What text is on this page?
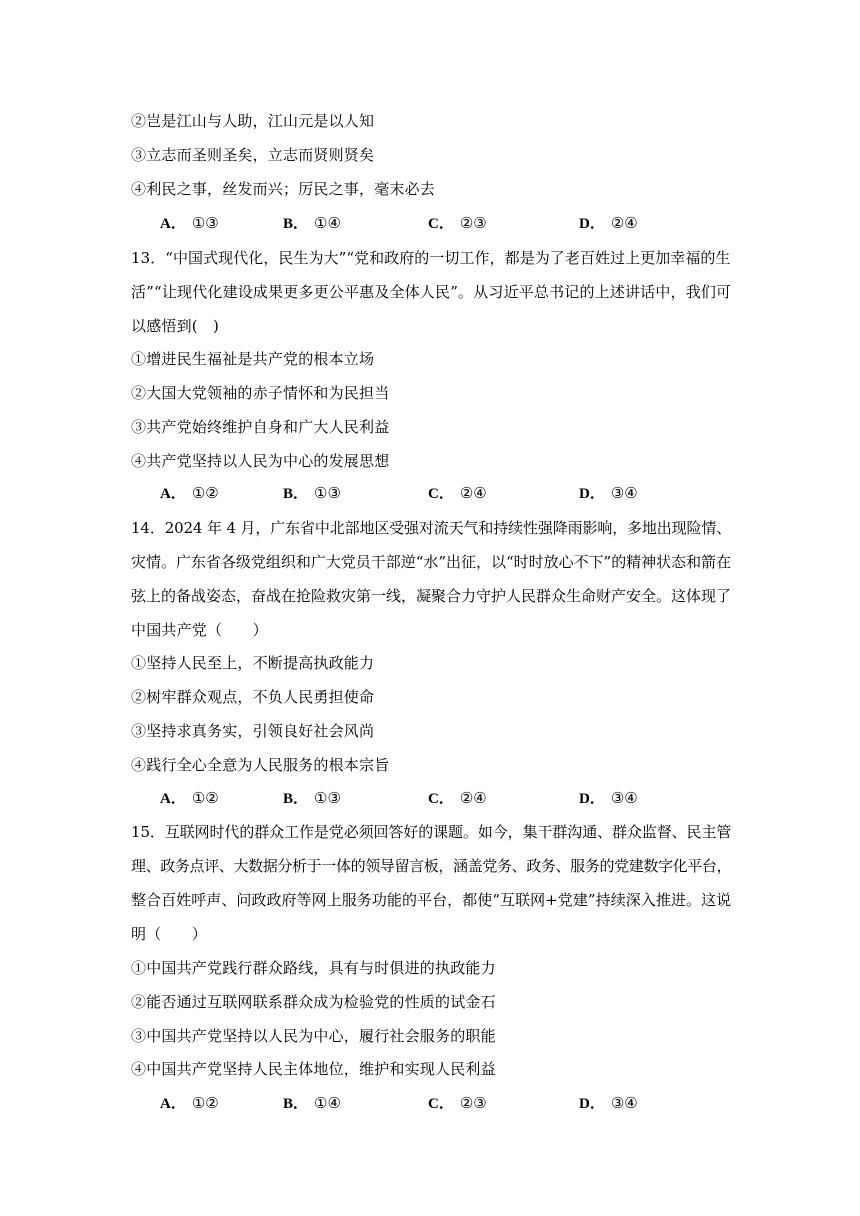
②岂是江山与人助，江山元是以人知
③立志而圣则圣矣，立志而贤则贤矣
④利民之事，丝发而兴；厉民之事，毫末必去
A． ①③	B． ①④	C． ②③	D． ②④
13．“中国式现代化，民生为大”“党和政府的一切工作，都是为了老百姓过上更加幸福的生
活”“让现代化建设成果更多更公平惠及全体人民”。从习近平总书记的上述讲话中，我们可
以感悟到(　)
①增进民生福祉是共产党的根本立场
②大国大党领袖的赤子情怀和为民担当
③共产党始终维护自身和广大人民利益
④共产党坚持以人民为中心的发展思想
A． ①②	B． ①③	C． ②④	D． ③④
14．2024 年 4 月，广东省中北部地区受强对流天气和持续性强降雨影响，多地出现险情、
灾情。广东省各级党组织和广大党员干部逆“水”出征，以“时时放心不下”的精神状态和箭在
弦上的备战姿态，奋战在抢险救灾第一线，凝聚合力守护人民群众生命财产安全。这体现了
中国共产党（　　）
①坚持人民至上，不断提高执政能力
②树牢群众观点，不负人民勇担使命
③坚持求真务实，引领良好社会风尚
④践行全心全意为人民服务的根本宗旨
A． ①②	B． ①③	C． ②④	D． ③④
15．互联网时代的群众工作是党必须回答好的课题。如今，集干群沟通、群众监督、民主管
理、政务点评、大数据分析于一体的领导留言板，涵盖党务、政务、服务的党建数字化平台，
整合百姓呼声、问政政府等网上服务功能的平台，都使“互联网+党建”持续深入推进。这说
明（　　）
①中国共产党践行群众路线，具有与时俱进的执政能力
②能否通过互联网联系群众成为检验党的性质的试金石
③中国共产党坚持以人民为中心，履行社会服务的职能
④中国共产党坚持人民主体地位，维护和实现人民利益
A． ①②	B． ①④	C． ②③	D． ③④
